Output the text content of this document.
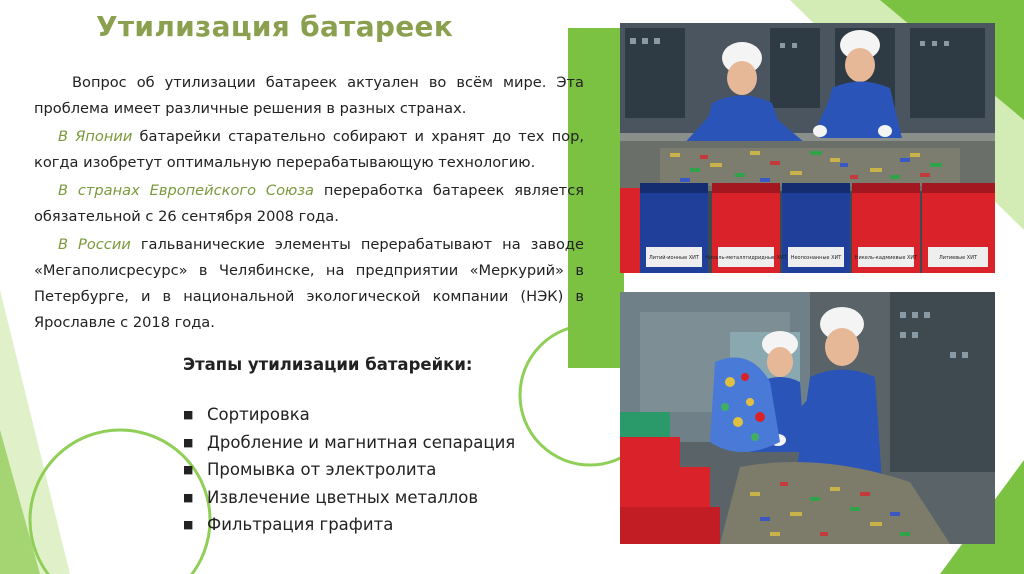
Утилизация батареек

Вопрос об утилизации батареек актуален во всём мире. Эта проблема имеет различные решения в разных странах.

В Японии батарейки старательно собирают и хранят до тех пор, когда изобретут оптимальную перерабатывающую технологию.

В странах Европейского Союза переработка батареек является обязательной с 26 сентября 2008 года.

В России гальванические элементы перерабатывают на заводе «Мегаполисресурс» в Челябинске, на предприятии «Меркурий» в Петербурге, и в национальной экологической компании (НЭК) в Ярославле с 2018 года.

Этапы утилизации батарейки:
■ Сортировка
■ Дробление и магнитная сепарация
■ Промывка от электролита
■ Извлечение цветных металлов
■ Фильтрация графита
Литий-ионные ХИТ Никель-металлгидридные ХИТ Неопознанные ХИТ	Никель-кадмиевые ХИТ	Литиевые ХИТ
